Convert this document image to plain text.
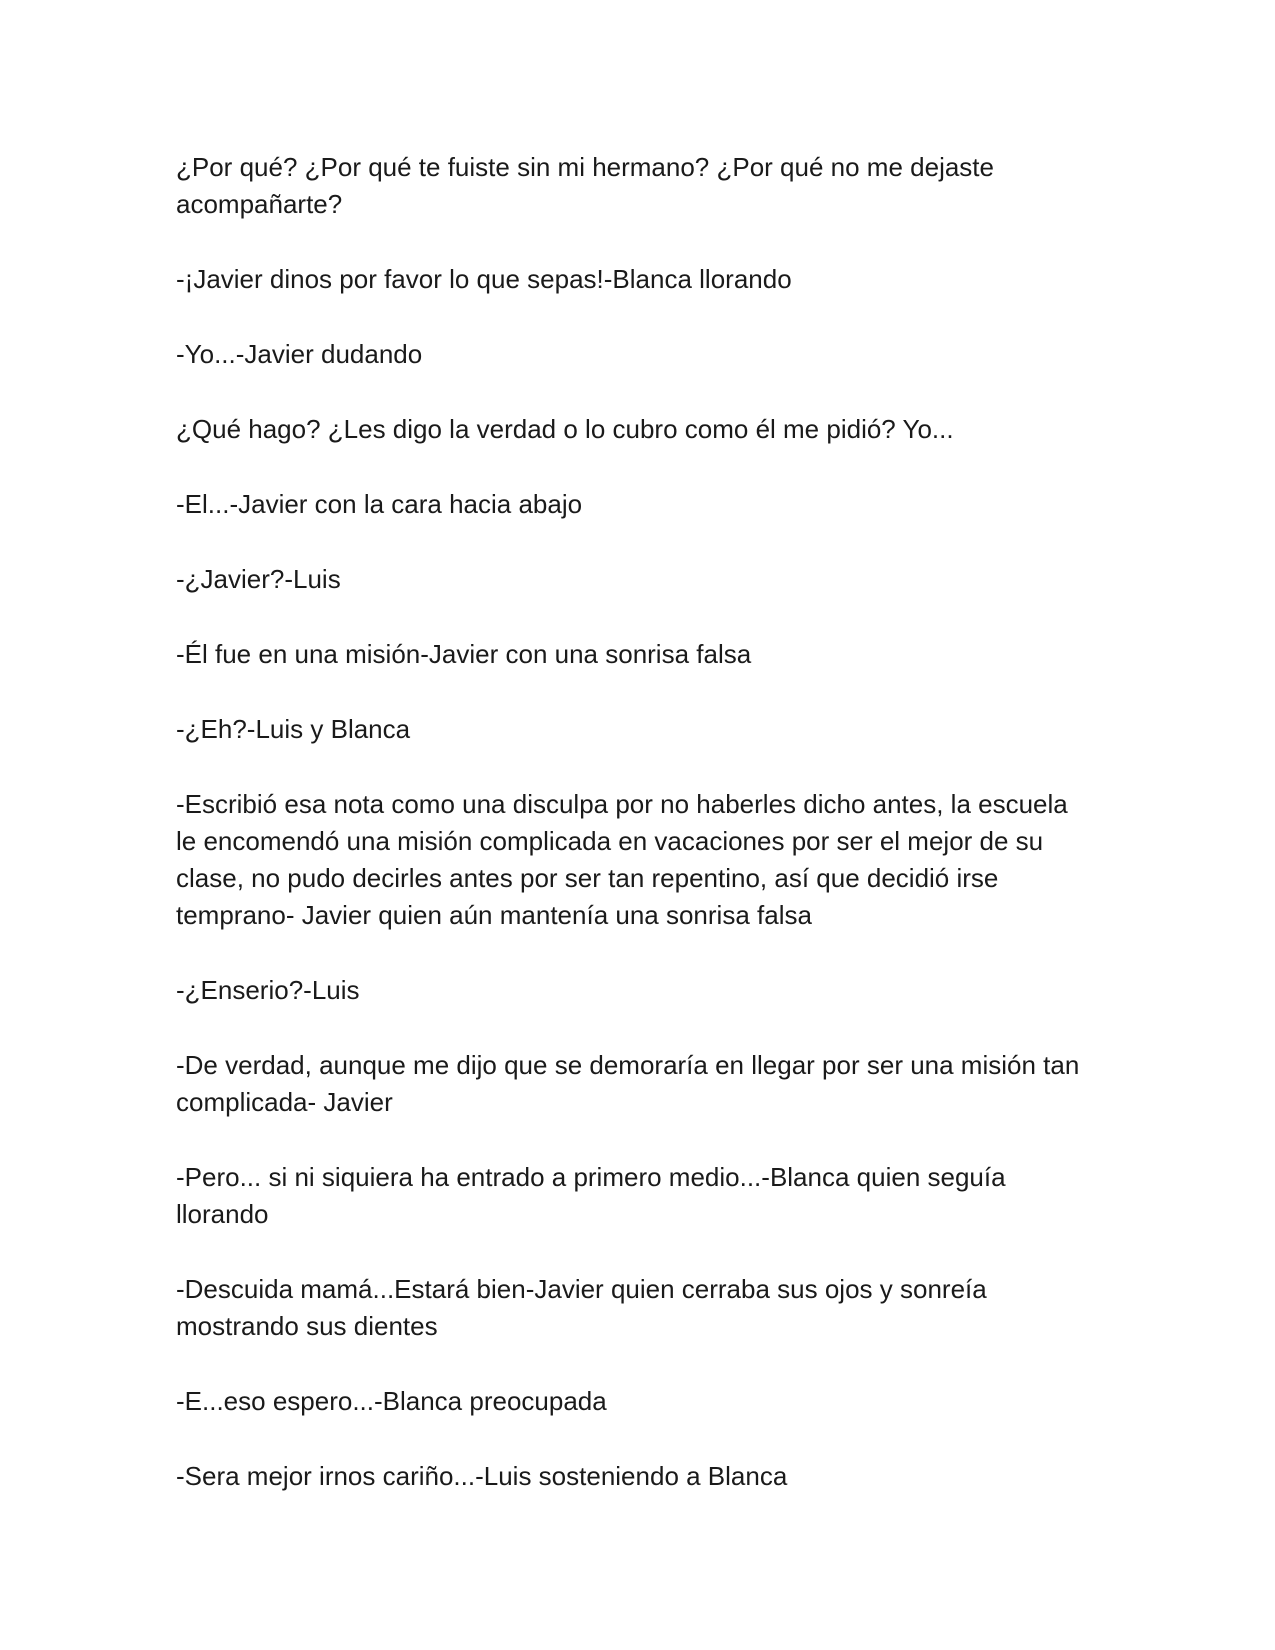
¿Por qué? ¿Por qué te fuiste sin mi hermano? ¿Por qué no me dejaste acompañarte?

-¡Javier dinos por favor lo que sepas!-Blanca llorando

-Yo...-Javier dudando

¿Qué hago? ¿Les digo la verdad o lo cubro como él me pidió? Yo...

-El...-Javier con la cara hacia abajo

-¿Javier?-Luis

-Él fue en una misión-Javier con una sonrisa falsa

-¿Eh?-Luis y Blanca

-Escribió esa nota como una disculpa por no haberles dicho antes, la escuela le encomendó una misión complicada en vacaciones por ser el mejor de su clase, no pudo decirles antes por ser tan repentino, así que decidió irse temprano- Javier quien aún mantenía una sonrisa falsa

-¿Enserio?-Luis

-De verdad, aunque me dijo que se demoraría en llegar por ser una misión tan complicada- Javier

-Pero... si ni siquiera ha entrado a primero medio...-Blanca quien seguía llorando

-Descuida mamá...Estará bien-Javier quien cerraba sus ojos y sonreía mostrando sus dientes

-E...eso espero...-Blanca preocupada

-Sera mejor irnos cariño...-Luis sosteniendo a Blanca
